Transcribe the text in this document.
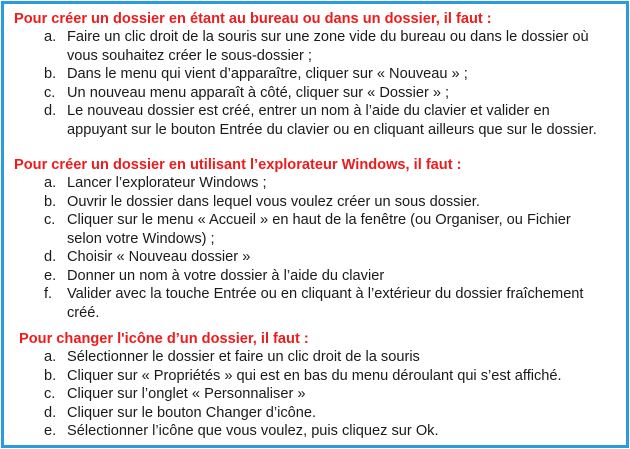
Pour créer un dossier en étant au bureau ou dans un dossier, il faut :
a. Faire un clic droit de la souris sur une zone vide du bureau ou dans le dossier où
vous souhaitez créer le sous-dossier ;
b. Dans le menu qui vient d’apparaître, cliquer sur « Nouveau » ;
c. Un nouveau menu apparaît à côté, cliquer sur « Dossier » ;
d. Le nouveau dossier est créé, entrer un nom à l’aide du clavier et valider en
appuyant sur le bouton Entrée du clavier ou en cliquant ailleurs que sur le dossier.
Pour créer un dossier en utilisant l’explorateur Windows, il faut :
a. Lancer l’explorateur Windows ;
b. Ouvrir le dossier dans lequel vous voulez créer un sous dossier.
c. Cliquer sur le menu « Accueil » en haut de la fenêtre (ou Organiser, ou Fichier
selon votre Windows) ;
d. Choisir « Nouveau dossier »
e. Donner un nom à votre dossier à l’aide du clavier
f. Valider avec la touche Entrée ou en cliquant à l’extérieur du dossier fraîchement
créé.
Pour changer l'icône d’un dossier, il faut :
a. Sélectionner le dossier et faire un clic droit de la souris
b. Cliquer sur « Propriétés » qui est en bas du menu déroulant qui s’est affiché.
c. Cliquer sur l’onglet « Personnaliser »
d. Cliquer sur le bouton Changer d’icône.
e. Sélectionner l’icône que vous voulez, puis cliquez sur Ok.
